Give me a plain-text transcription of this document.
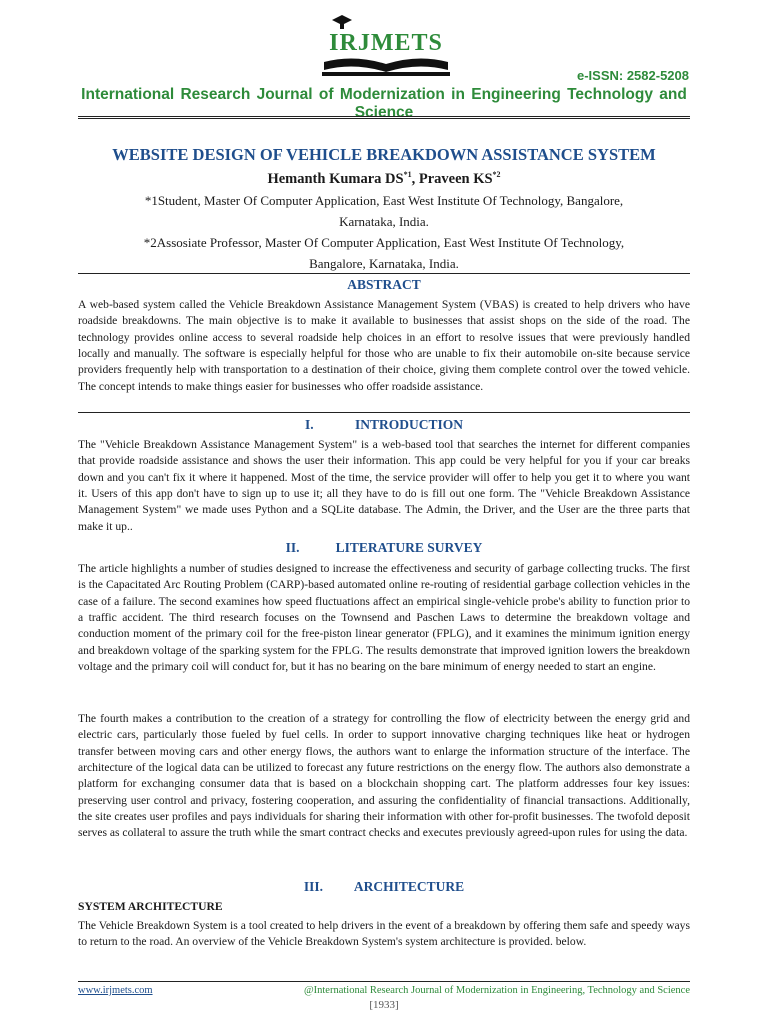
IRJMETS
e-ISSN: 2582-5208
International Research Journal of Modernization in Engineering Technology and Science
WEBSITE DESIGN OF VEHICLE BREAKDOWN ASSISTANCE SYSTEM
Hemanth Kumara DS$^{*1}$, Praveen KS$^{*2}$
*1Student, Master Of Computer Application, East West Institute Of Technology, Bangalore,
Karnataka, India.
*2Assosiate Professor, Master Of Computer Application, East West Institute Of Technology,
Bangalore, Karnataka, India.
ABSTRACT
A web-based system called the Vehicle Breakdown Assistance Management System (VBAS) is created to help drivers who have roadside breakdowns. The main objective is to make it available to businesses that assist shops on the side of the road. The technology provides online access to several roadside help choices in an effort to resolve issues that were previously handled locally and manually. The software is especially helpful for those who are unable to fix their automobile on-site because service providers frequently help with transportation to a destination of their choice, giving them complete control over the towed vehicle. The concept intends to make things easier for businesses who offer roadside assistance.
I.	INTRODUCTION
The "Vehicle Breakdown Assistance Management System" is a web-based tool that searches the internet for different companies that provide roadside assistance and shows the user their information. This app could be very helpful for you if your car breaks down and you can't fix it where it happened. Most of the time, the service provider will offer to help you get it to where you want it. Users of this app don't have to sign up to use it; all they have to do is fill out one form. The "Vehicle Breakdown Assistance Management System" we made uses Python and a SQLite database. The Admin, the Driver, and the User are the three parts that make it up..
II.	LITERATURE SURVEY
The article highlights a number of studies designed to increase the effectiveness and security of garbage collecting trucks. The first is the Capacitated Arc Routing Problem (CARP)-based automated online re-routing of residential garbage collection vehicles in the case of a failure. The second examines how speed fluctuations affect an empirical single-vehicle probe's ability to function prior to a traffic accident. The third research focuses on the Townsend and Paschen Laws to determine the breakdown voltage and conduction moment of the primary coil for the free-piston linear generator (FPLG), and it examines the minimum ignition energy and breakdown voltage of the sparking system for the FPLG. The results demonstrate that improved ignition lowers the breakdown voltage and the primary coil will conduct for, but it has no bearing on the bare minimum of energy needed to start an engine.
The fourth makes a contribution to the creation of a strategy for controlling the flow of electricity between the energy grid and electric cars, particularly those fueled by fuel cells. In order to support innovative charging techniques like heat or hydrogen transfer between moving cars and other energy flows, the authors want to enlarge the information structure of the interface. The architecture of the logical data can be utilized to forecast any future restrictions on the energy flow. The authors also demonstrate a platform for exchanging consumer data that is based on a blockchain shopping cart. The platform addresses four key issues: preserving user control and privacy, fostering cooperation, and assuring the confidentiality of financial transactions. Additionally, the site creates user profiles and pays individuals for sharing their information with other for-profit businesses. The twofold deposit serves as collateral to assure the truth while the smart contract checks and executes previously agreed-upon rules for using the data.
III. ARCHITECTURE
SYSTEM ARCHITECTURE
The Vehicle Breakdown System is a tool created to help drivers in the event of a breakdown by offering them safe and speedy ways to return to the road. An overview of the Vehicle Breakdown System's system architecture is provided. below.
www.irjmets.com	@International Research Journal of Modernization in Engineering, Technology and Science
[1933]
